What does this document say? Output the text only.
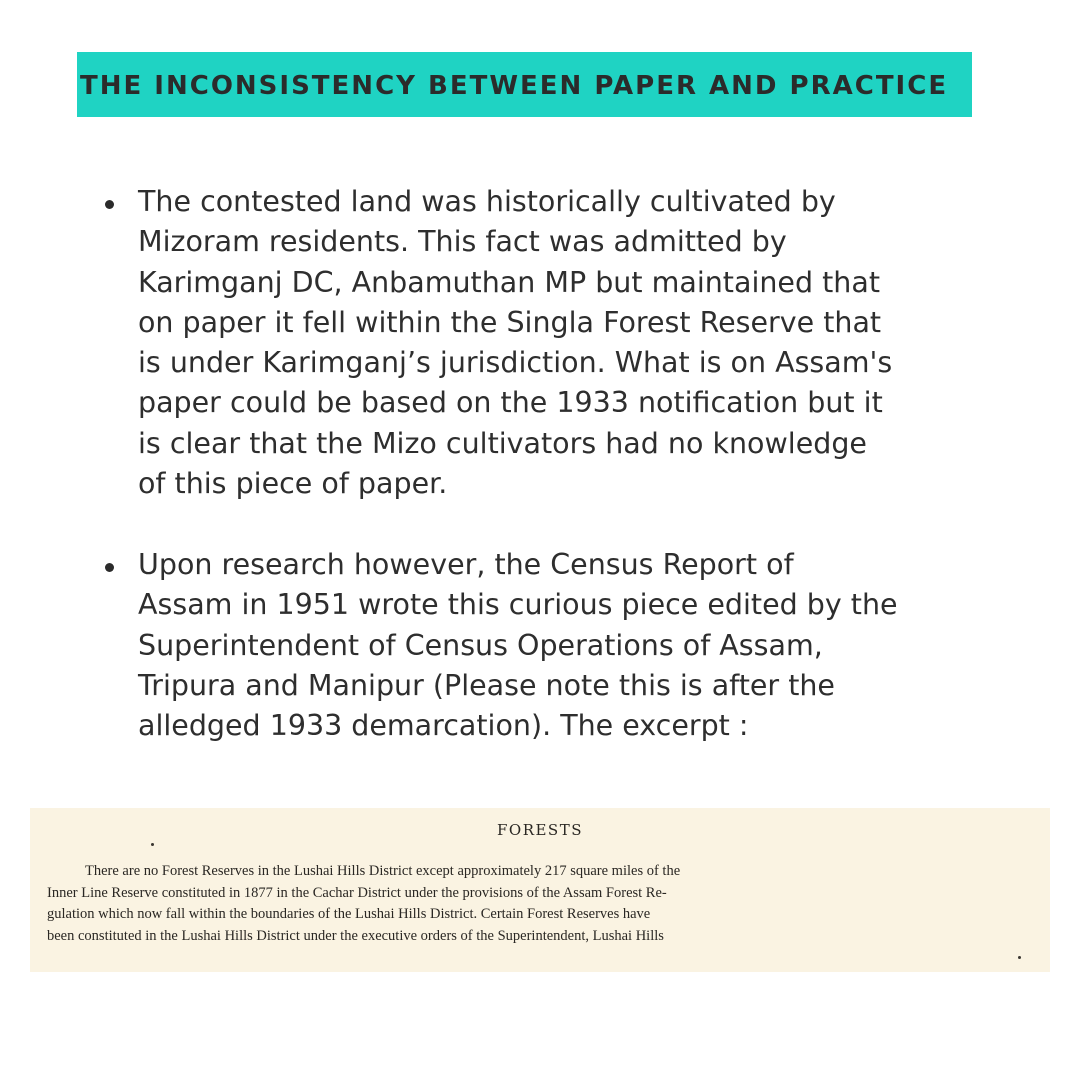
THE INCONSISTENCY BETWEEN PAPER AND PRACTICE
The contested land was historically cultivated by
Mizoram residents. This fact was admitted by
Karimganj DC, Anbamuthan MP but maintained that
on paper it fell within the Singla Forest Reserve that
is under Karimganj’s jurisdiction. What is on Assam's
paper could be based on the 1933 notification but it
is clear that the Mizo cultivators had no knowledge
of this piece of paper.
Upon research however, the Census Report of
Assam in 1951 wrote this curious piece edited by the
Superintendent of Census Operations of Assam,
Tripura and Manipur (Please note this is after the
alledged 1933 demarcation). The excerpt :
FORESTS
There are no Forest Reserves in the Lushai Hills District except approximately 217 square miles of the
Inner Line Reserve constituted in 1877 in the Cachar District under the provisions of the Assam Forest Re-
gulation which now fall within the boundaries of the Lushai Hills District. Certain Forest Reserves have
been constituted in the Lushai Hills District under the executive orders of the Superintendent, Lushai Hills
